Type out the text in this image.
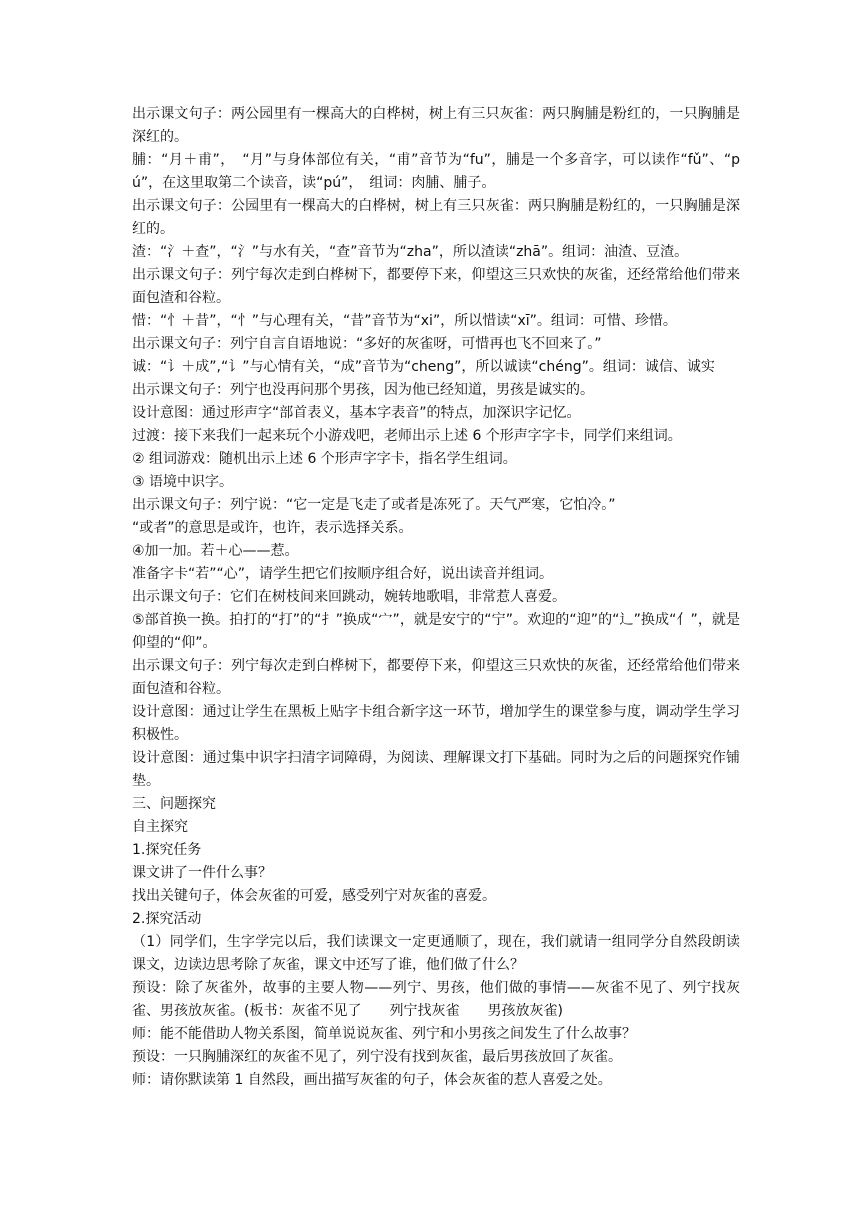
出示课文句子：两公园里有一棵高大的白桦树，树上有三只灰雀：两只胸脯是粉红的，一只胸脯是深红的。

脯：“月＋甫”，　“月”与身体部位有关，“甫”音节为“fu”，脯是一个多音字，可以读作“fǔ”、“pú”，在这里取第二个读音，读“pú”，　组词：肉脯、脯子。

出示课文句子：公园里有一棵高大的白桦树，树上有三只灰雀：两只胸脯是粉红的，一只胸脯是深红的。

渣：“氵＋查”，“氵”与水有关，“查”音节为“zha”，所以渣读“zhā”。组词：油渣、豆渣。

出示课文句子：列宁每次走到白桦树下，都要停下来，仰望这三只欢快的灰雀，还经常给他们带来面包渣和谷粒。

惜：“忄＋昔”，“忄”与心理有关，“昔”音节为“xi”，所以惜读“xī”。组词：可惜、珍惜。

出示课文句子：列宁自言自语地说：“多好的灰雀呀，可惜再也飞不回来了。”

诚：“讠＋成”,“讠”与心情有关，“成”音节为“cheng”，所以诚读“chéng”。组词：诚信、诚实

出示课文句子：列宁也没再问那个男孩，因为他已经知道，男孩是诚实的。

设计意图：通过形声字“部首表义，基本字表音”的特点，加深识字记忆。

过渡：接下来我们一起来玩个小游戏吧，老师出示上述 6 个形声字字卡，同学们来组词。

② 组词游戏：随机出示上述 6 个形声字字卡，指名学生组词。

③ 语境中识字。

出示课文句子：列宁说：“它一定是飞走了或者是冻死了。天气严寒，它怕冷。”

“或者”的意思是或许，也许，表示选择关系。

④加一加。若＋心——惹。

准备字卡“若”“心”，请学生把它们按顺序组合好，说出读音并组词。

出示课文句子：它们在树枝间来回跳动，婉转地歌唱，非常惹人喜爱。

⑤部首换一换。拍打的“打”的“扌”换成“宀”，就是安宁的“宁”。欢迎的“迎”的“辶”换成“亻”，就是仰望的“仰”。

出示课文句子：列宁每次走到白桦树下，都要停下来，仰望这三只欢快的灰雀，还经常给他们带来面包渣和谷粒。

设计意图：通过让学生在黑板上贴字卡组合新字这一环节，增加学生的课堂参与度，调动学生学习积极性。

设计意图：通过集中识字扫清字词障碍，为阅读、理解课文打下基础。同时为之后的问题探究作铺垫。

三、问题探究

自主探究

1.探究任务

课文讲了一件什么事？

找出关键句子，体会灰雀的可爱，感受列宁对灰雀的喜爱。

2.探究活动

（1）同学们，生字学完以后，我们读课文一定更通顺了，现在，我们就请一组同学分自然段朗读课文，边读边思考除了灰雀，课文中还写了谁，他们做了什么？

预设：除了灰雀外，故事的主要人物——列宁、男孩，他们做的事情——灰雀不见了、列宁找灰雀、男孩放灰雀。(板书：灰雀不见了　　列宁找灰雀　　男孩放灰雀)

师：能不能借助人物关系图，简单说说灰雀、列宁和小男孩之间发生了什么故事？

预设：一只胸脯深红的灰雀不见了，列宁没有找到灰雀，最后男孩放回了灰雀。

师：请你默读第 1 自然段，画出描写灰雀的句子，体会灰雀的惹人喜爱之处。
